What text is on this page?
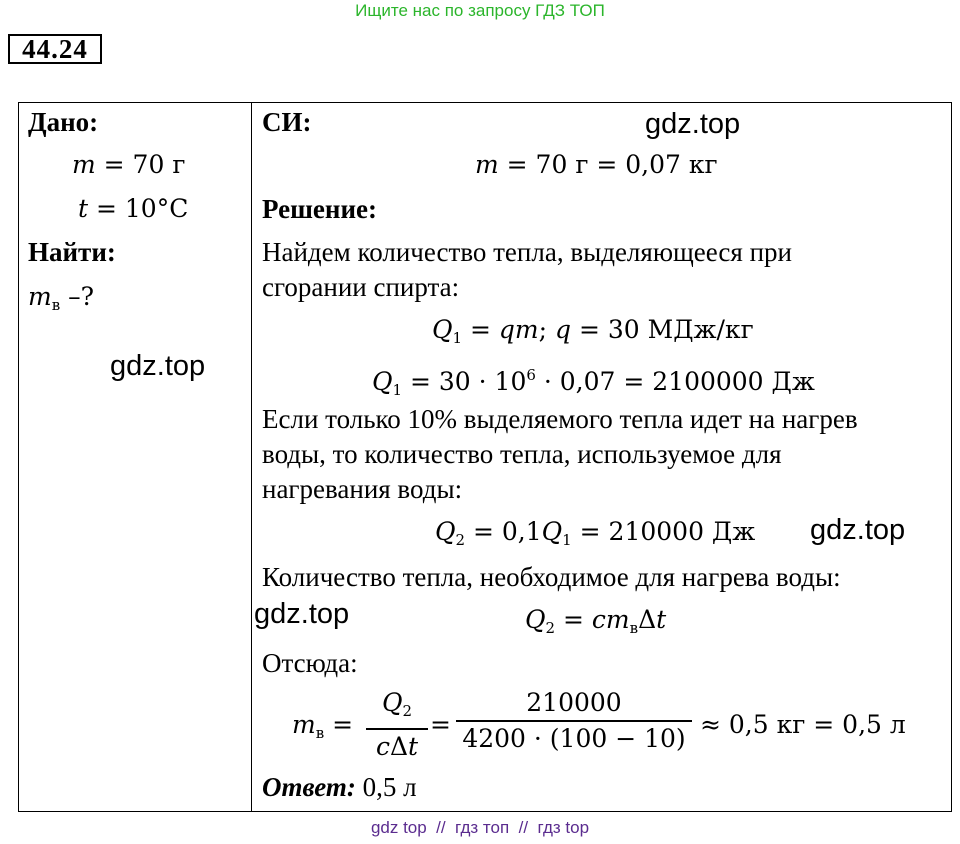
Ищите нас по запросу ГДЗ ТОП
44.24
Дано:
m = 70 г
t = 10°C
Найти:
$m_в$ –?
gdz.top
СИ:	gdz.top
m = 70 г = 0,07 кг
Решение:
Найдем количество тепла, выделяющееся при
сгорании спирта:
$Q_1$ = qm; q = 30 МДж/кг
$Q_1 = 30 \cdot 10^6 \cdot 0,07 = 2100000$ Дж
Если только 10% выделяемого тепла идет на нагрев
воды, то количество тепла, используемое для
нагревания воды:
$Q_2 = 0,1Q_1 = 210000$ Дж gdz.top
Количество тепла, необходимое для нагрева воды:
gdz.top	$Q_2 = cm_в\Delta t$
Отсюда:
$m_в$ =
$Q_2$
cΔt
=
210000
4200 · (100 − 10) ≈ 0,5 кг = 0,5 л
Ответ: 0,5 л
gdz top  //  гдз топ  //  гдз top
